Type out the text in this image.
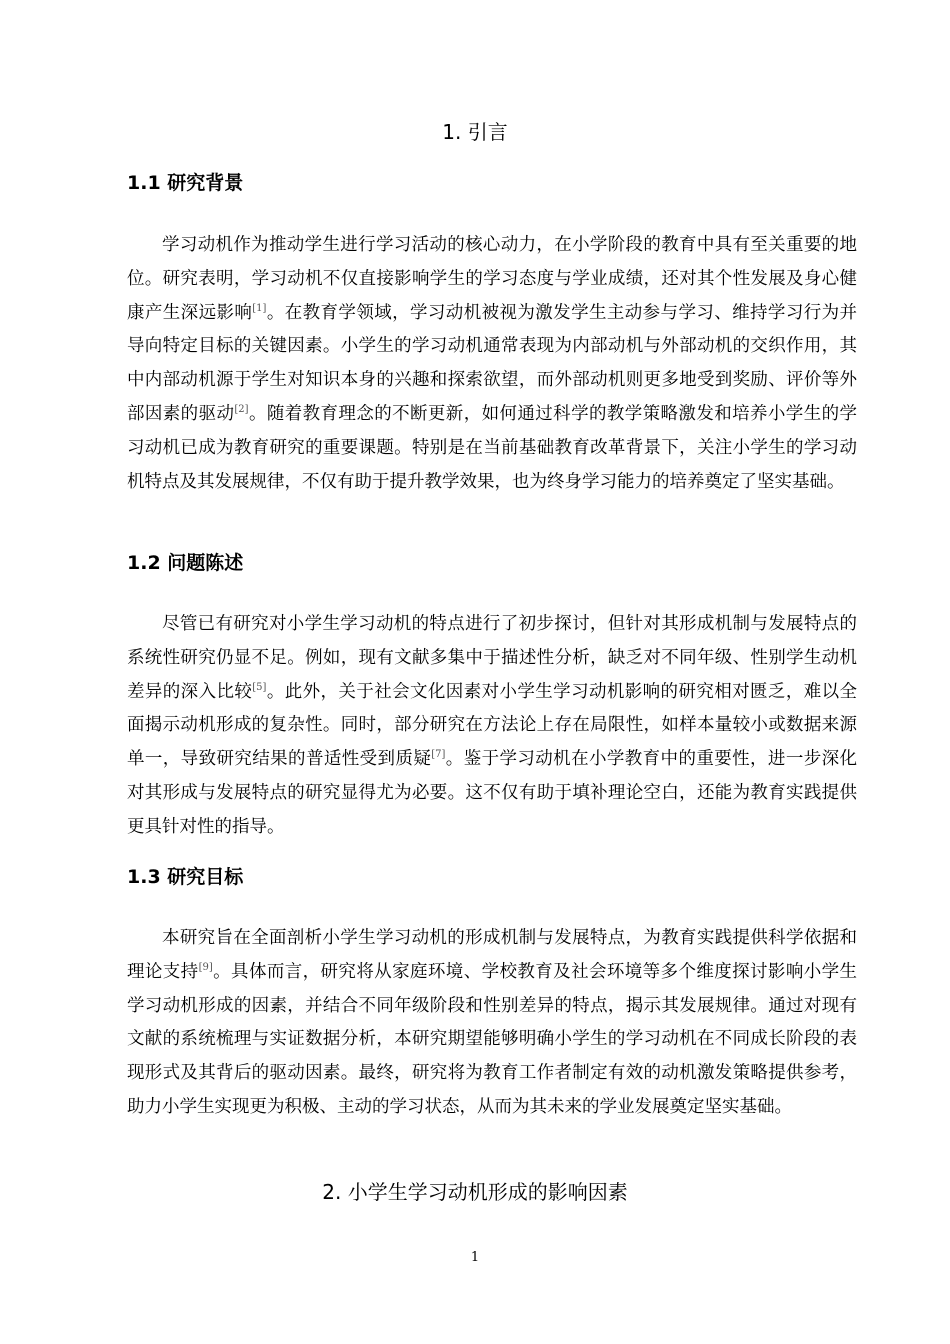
1. 引言
1.1 研究背景

学习动机作为推动学生进行学习活动的核心动力，在小学阶段的教育中具有至关重要的地位。研究表明，学习动机不仅直接影响学生的学习态度与学业成绩，还对其个性发展及身心健康产生深远影响[1]。在教育学领域，学习动机被视为激发学生主动参与学习、维持学习行为并导向特定目标的关键因素。小学生的学习动机通常表现为内部动机与外部动机的交织作用，其中内部动机源于学生对知识本身的兴趣和探索欲望，而外部动机则更多地受到奖励、评价等外部因素的驱动[2]。随着教育理念的不断更新，如何通过科学的教学策略激发和培养小学生的学习动机已成为教育研究的重要课题。特别是在当前基础教育改革背景下，关注小学生的学习动机特点及其发展规律，不仅有助于提升教学效果，也为终身学习能力的培养奠定了坚实基础。

1.2 问题陈述

尽管已有研究对小学生学习动机的特点进行了初步探讨，但针对其形成机制与发展特点的系统性研究仍显不足。例如，现有文献多集中于描述性分析，缺乏对不同年级、性别学生动机差异的深入比较[5]。此外，关于社会文化因素对小学生学习动机影响的研究相对匮乏，难以全面揭示动机形成的复杂性。同时，部分研究在方法论上存在局限性，如样本量较小或数据来源单一，导致研究结果的普适性受到质疑[7]。鉴于学习动机在小学教育中的重要性，进一步深化对其形成与发展特点的研究显得尤为必要。这不仅有助于填补理论空白，还能为教育实践提供更具针对性的指导。

1.3 研究目标

本研究旨在全面剖析小学生学习动机的形成机制与发展特点，为教育实践提供科学依据和理论支持[9]。具体而言，研究将从家庭环境、学校教育及社会环境等多个维度探讨影响小学生学习动机形成的因素，并结合不同年级阶段和性别差异的特点，揭示其发展规律。通过对现有文献的系统梳理与实证数据分析，本研究期望能够明确小学生的学习动机在不同成长阶段的表现形式及其背后的驱动因素。最终，研究将为教育工作者制定有效的动机激发策略提供参考，助力小学生实现更为积极、主动的学习状态，从而为其未来的学业发展奠定坚实基础。

2. 小学生学习动机形成的影响因素
1
